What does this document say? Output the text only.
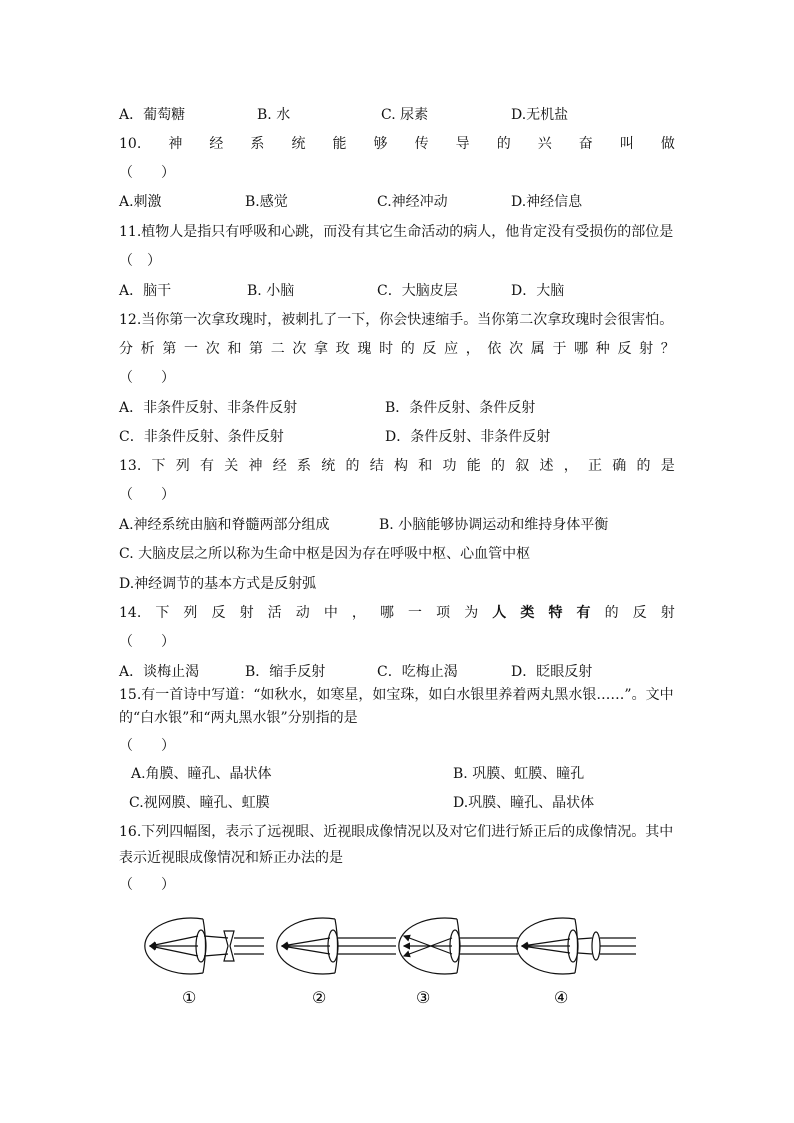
A．葡萄糖	B. 水	C. 尿素	D.无机盐
10. 神 经 系 统 能 够 传 导 的 兴 奋 叫 做
（　　）
A.刺激	B.感觉	C.神经冲动	D.神经信息
11.植物人是指只有呼吸和心跳，而没有其它生命活动的病人，他肯定没有受损伤的部位是
（　）
A．脑干	B. 小脑	C．大脑皮层	D．大脑
12.当你第一次拿玫瑰时，被刺扎了一下，你会快速缩手。当你第二次拿玫瑰时会很害怕。
分 析 第 一 次 和 第 二 次 拿 玫 瑰 时 的 反 应 ， 依 次 属 于 哪 种 反 射 ？
（　　）
A．非条件反射、非条件反射	B．条件反射、条件反射
C．非条件反射、条件反射	D．条件反射、非条件反射
13. 下 列 有 关 神 经 系 统 的 结 构 和 功 能 的 叙 述 ， 正 确 的 是
（　　）
A.神经系统由脑和脊髓两部分组成	B. 小脑能够协调运动和维持身体平衡
C. 大脑皮层之所以称为生命中枢是因为存在呼吸中枢、心血管中枢
D.神经调节的基本方式是反射弧
14. 下 列 反 射 活 动 中 ， 哪 一 项 为 人 类 特 有 的 反 射
（　　）
A．谈梅止渴	B．缩手反射	C．吃梅止渴	D．眨眼反射
15.有一首诗中写道：“如秋水，如寒星，如宝珠，如白水银里养着两丸黑水银……”。文中
的“白水银”和“两丸黑水银”分别指的是
（　　）
A.角膜、瞳孔、晶状体	B. 巩膜、虹膜、瞳孔
C.视网膜、瞳孔、虹膜	D.巩膜、瞳孔、晶状体
16.下列四幅图，表示了远视眼、近视眼成像情况以及对它们进行矫正后的成像情况。其中
表示近视眼成像情况和矫正办法的是
（　　）
①	②	③	④
